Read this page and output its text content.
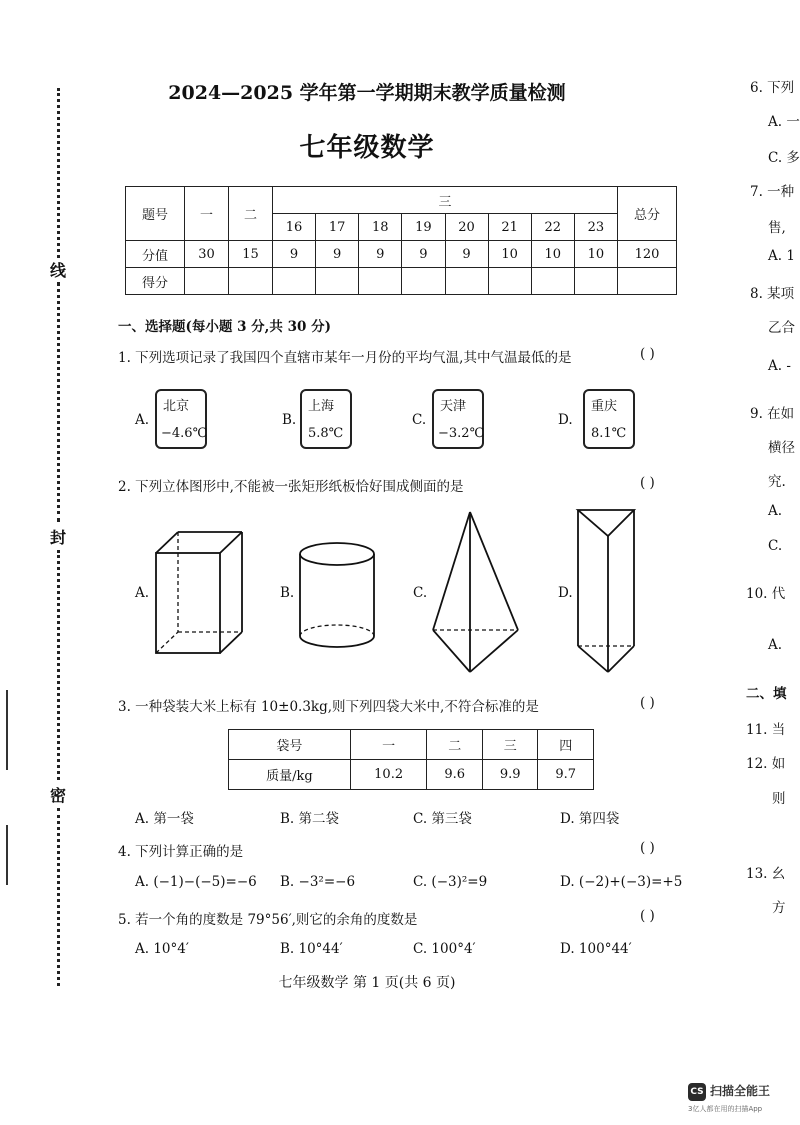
线
封
密
2024—2025 学年第一学期期末教学质量检测
七年级数学
题号	一	二	三								总分
			16	17	18	19	20	21	22	23	
分值	30	15	9	9	9	9	9	10	10	10	120
得分											
一、选择题(每小题 3 分,共 30 分)
1. 下列选项记录了我国四个直辖市某年一月份的平均气温,其中气温最低的是	( )
A.
北京
−4.6℃
B.
上海
5.8℃
C.
天津
−3.2℃
D.
重庆
8.1℃
2. 下列立体图形中,不能被一张矩形纸板恰好围成侧面的是	( )
A.	B.	C.	D.
3. 一种袋装大米上标有 10±0.3kg,则下列四袋大米中,不符合标准的是	( )
袋号	一	二	三	四
质量/kg	10.2	9.6	9.9	9.7
A. 第一袋	B. 第二袋	C. 第三袋	D. 第四袋
4. 下列计算正确的是	( )
A. (−1)−(−5)=−6 B. −3²=−6	C. (−3)²=9	D. (−2)+(−3)=+5
5. 若一个角的度数是 79°56′,则它的余角的度数是	( )
A. 10°4′	B. 10°44′	C. 100°4′	D. 100°44′
七年级数学 第 1 页(共 6 页)
6. 下列
A. 一
C. 多
7. 一种
售,
A. 1
8. 某项
乙合
A. -
9. 在如
横径
究.
A.
C.
10. 代
A.
二、填
11. 当
12. 如
则
13. 幺
方
CS 扫描全能王
3亿人都在用的扫描App
